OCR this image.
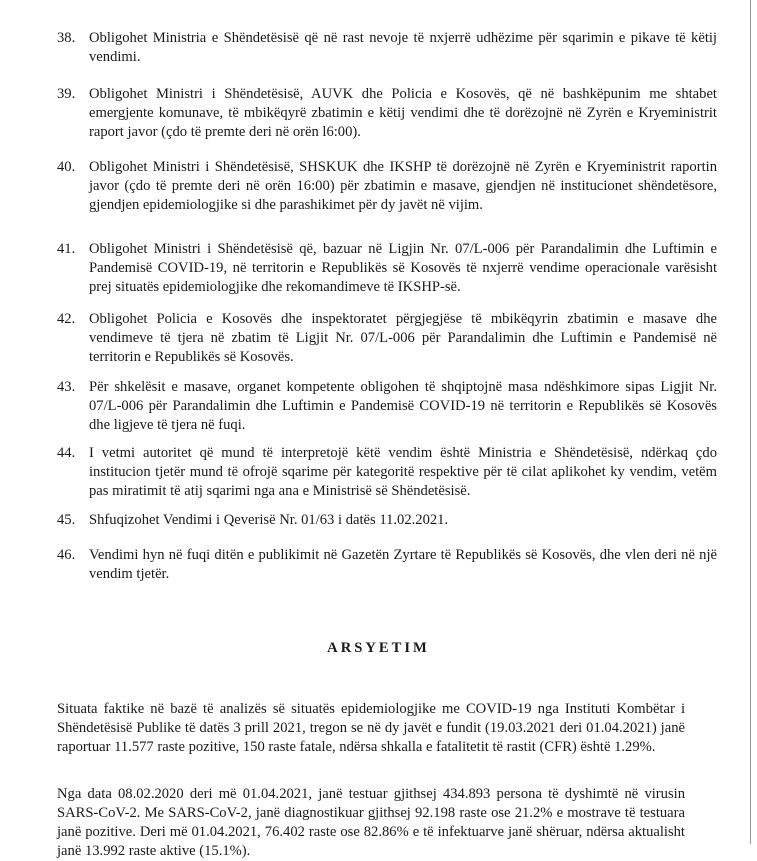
38. Obligohet Ministria e Shëndetësisë që në rast nevoje të nxjerrë udhëzime për sqarimin e pikave të këtij vendimi.
39. Obligohet Ministri i Shëndetësisë, AUVK dhe Policia e Kosovës, që në bashkëpunim me shtabet emergjente komunave, të mbikëqyrë zbatimin e këtij vendimi dhe të dorëzojnë në Zyrën e Kryeministrit raport javor (çdo të premte deri në orën l6:00).
40. Obligohet Ministri i Shëndetësisë, SHSKUK dhe IKSHP të dorëzojnë në Zyrën e Kryeministrit raportin javor (çdo të premte deri në orën 16:00) për zbatimin e masave, gjendjen në institucionet shëndetësore, gjendjen epidemiologjike si dhe parashikimet për dy javët në vijim.
41. Obligohet Ministri i Shëndetësisë që, bazuar në Ligjin Nr. 07/L-006 për Parandalimin dhe Luftimin e Pandemisë COVID-19, në territorin e Republikës së Kosovës të nxjerrë vendime operacionale varësisht prej situatës epidemiologjike dhe rekomandimeve të IKSHP-së.
42. Obligohet Policia e Kosovës dhe inspektoratet përgjegjëse të mbikëqyrin zbatimin e masave dhe vendimeve të tjera në zbatim të Ligjit Nr. 07/L-006 për Parandalimin dhe Luftimin e Pandemisë në territorin e Republikës së Kosovës.
43. Për shkelësit e masave, organet kompetente obligohen të shqiptojnë masa ndëshkimore sipas Ligjit Nr. 07/L-006 për Parandalimin dhe Luftimin e Pandemisë COVID-19 në territorin e Republikës së Kosovës dhe ligjeve të tjera në fuqi.
44. I vetmi autoritet që mund të interpretojë këtë vendim është Ministria e Shëndetësisë, ndërkaq çdo institucion tjetër mund të ofrojë sqarime për kategoritë respektive për të cilat aplikohet ky vendim, vetëm pas miratimit të atij sqarimi nga ana e Ministrisë së Shëndetësisë.
45. Shfuqizohet Vendimi i Qeverisë Nr. 01/63 i datës 11.02.2021.
46. Vendimi hyn në fuqi ditën e publikimit në Gazetën Zyrtare të Republikës së Kosovës, dhe vlen deri në një vendim tjetër.
ARSYETIM
Situata faktike në bazë të analizës së situatës epidemiologjike me COVID-19 nga Instituti Kombëtar i Shëndetësisë Publike të datës 3 prill 2021, tregon se në dy javët e fundit (19.03.2021 deri 01.04.2021) janë raportuar 11.577 raste pozitive, 150 raste fatale, ndërsa shkalla e fatalitetit të rastit (CFR) është 1.29%.
Nga data 08.02.2020 deri më 01.04.2021, janë testuar gjithsej 434.893 persona të dyshimtë në virusin SARS-CoV-2. Me SARS-CoV-2, janë diagnostikuar gjithsej 92.198 raste ose 21.2% e mostrave të testuara janë pozitive. Deri më 01.04.2021, 76.402 raste ose 82.86% e të infektuarve janë shëruar, ndërsa aktualisht janë 13.992 raste aktive (15.1%).
